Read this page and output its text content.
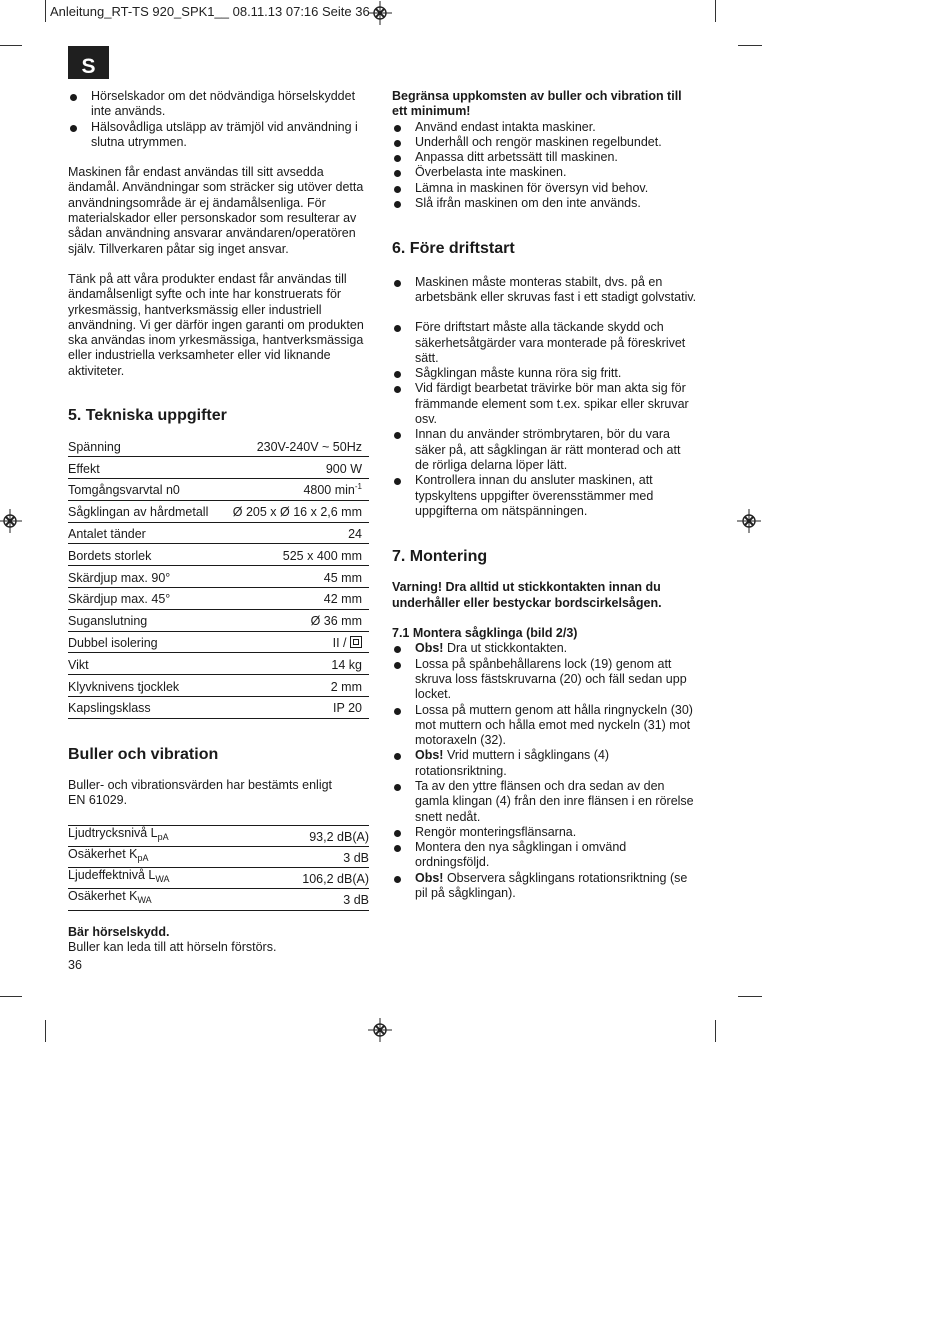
Anleitung_RT-TS 920_SPK1__ 08.11.13 07:16 Seite 36
S
Hörselskador om det nödvändiga hörselskyddet inte används.
Hälsovådliga utsläpp av trämjöl vid användning i slutna utrymmen.

Maskinen får endast användas till sitt avsedda ändamål. Användningar som sträcker sig utöver detta användningsområde är ej ändamålsenliga. För materialskador eller personskador som resulterar av sådan användning ansvarar användaren/operatören själv. Tillverkaren påtar sig inget ansvar.

Tänk på att våra produkter endast får användas till ändamålsenligt syfte och inte har konstruerats för yrkesmässig, hantverksmässig eller industriell användning. Vi ger därför ingen garanti om produkten ska användas inom yrkesmässiga, hantverksmässiga eller industriella verksamheter eller vid liknande aktiviteter.

5. Tekniska uppgifter
Spänning	230V-240V ~ 50Hz
Effekt	900 W
Tomgångsvarvtal n0	4800 $\min^{-1}$
Sågklingan av hårdmetall	Ø 205 x Ø 16 x 2,6 mm
Antalet tänder	24
Bordets storlek	525 x 400 mm
Skärdjup max. 90°	45 mm
Skärdjup max. 45°	42 mm
Suganslutning	Ø 36 mm
Dubbel isolering	II /
Vikt	14 kg
Klyvknivens tjocklek	2 mm
Kapslingsklass	IP 20
Buller och vibration

Buller- och vibrationsvärden har bestämts enligt EN 61029.

Ljudtrycksnivå $L_{pA}$	93,2 dB(A)
Osäkerhet $K_{pA}$	3 dB
Ljudeffektnivå $L_{WA}$	106,2 dB(A)
Osäkerhet $K_{WA}$	3 dB

Bär hörselskydd.

Buller kan leda till att hörseln förstörs.

36

Begränsa uppkomsten av buller och vibration till ett minimum!

Använd endast intakta maskiner.
Underhåll och rengör maskinen regelbundet.
Anpassa ditt arbetssätt till maskinen.
Överbelasta inte maskinen.
Lämna in maskinen för översyn vid behov.
Slå ifrån maskinen om den inte används.
6. Före driftstart
Maskinen måste monteras stabilt, dvs. på en arbetsbänk eller skruvas fast i ett stadigt golvstativ.
Före driftstart måste alla täckande skydd och säkerhetsåtgärder vara monterade på föreskrivet sätt.
Sågklingan måste kunna röra sig fritt.
Vid färdigt bearbetat trävirke bör man akta sig för främmande element som t.ex. spikar eller skruvar osv.
Innan du använder strömbrytaren, bör du vara säker på, att sågklingan är rätt monterad och att de rörliga delarna löper lätt.
Kontrollera innan du ansluter maskinen, att typskyltens uppgifter överensstämmer med uppgifterna om nätspänningen.
7. Montering

Varning! Dra alltid ut stickkontakten innan du underhåller eller bestyckar bordscirkelsågen.

7.1 Montera sågklinga (bild 2/3)

Obs! Dra ut stickkontakten.
Lossa på spånbehållarens lock (19) genom att skruva loss fästskruvarna (20) och fäll sedan upp locket.
Lossa på muttern genom att hålla ringnyckeln (30) mot muttern och hålla emot med nyckeln (31) mot motoraxeln (32).
Obs! Vrid muttern i sågklingans (4) rotationsriktning.
Ta av den yttre flänsen och dra sedan av den gamla klingan (4) från den inre flänsen i en rörelse snett nedåt.
Rengör monteringsflänsarna.
Montera den nya sågklingan i omvänd ordningsföljd.
Obs! Observera sågklingans rotationsriktning (se pil på sågklingan).
